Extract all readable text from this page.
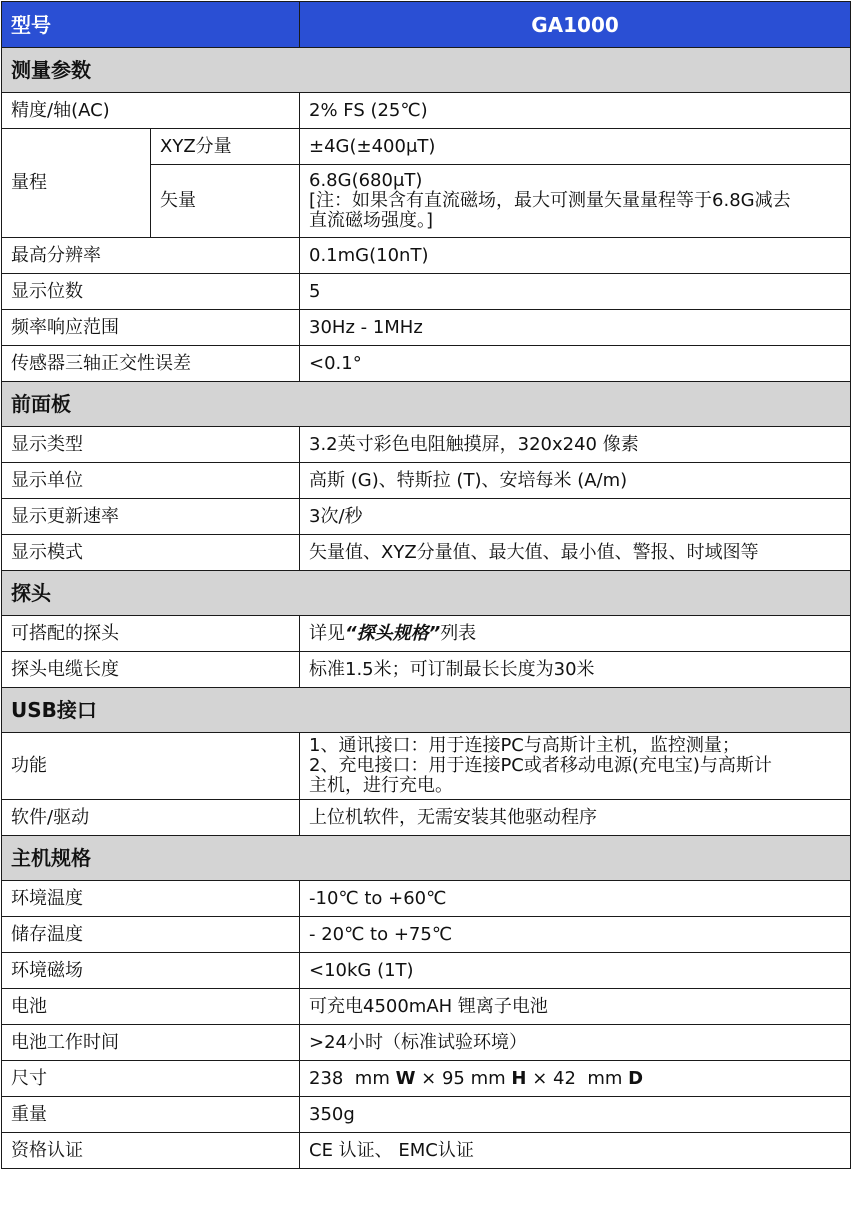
型号		GA1000
测量参数		
精度/轴(AC)		2% FS (25℃)
量程	XYZ分量	±4G(±400μT)
	矢量	6.8G(680μT)
[注：如果含有直流磁场，最大可测量矢量量程等于6.8G减去
直流磁场强度。]

最高分辨率		0.1mG(10nT)
显示位数		5
频率响应范围		30Hz - 1MHz
传感器三轴正交性误差		<0.1°
前面板		
显示类型		3.2英寸彩色电阻触摸屏，320x240 像素
显示单位		高斯 (G)、特斯拉 (T)、安培每米 (A/m)
显示更新速率		3次/秒
显示模式		矢量值、XYZ分量值、最大值、最小值、警报、时域图等
探头		
可搭配的探头		详见“探头规格”列表
探头电缆长度		标准1.5米；可订制最长长度为30米
USB接口		
功能		1、通讯接口：用于连接PC与高斯计主机，监控测量；
2、充电接口：用于连接PC或者移动电源(充电宝)与高斯计
主机，进行充电。

软件/驱动		上位机软件，无需安装其他驱动程序
主机规格		
环境温度		-10℃ to +60℃
储存温度		- 20℃ to +75℃
环境磁场		<10kG (1T)
电池		可充电4500mAH 锂离子电池
电池工作时间		>24小时（标准试验环境）
尺寸		238  mm W × 95 mm H × 42  mm D
重量		350g
资格认证		CE 认证、 EMC认证
